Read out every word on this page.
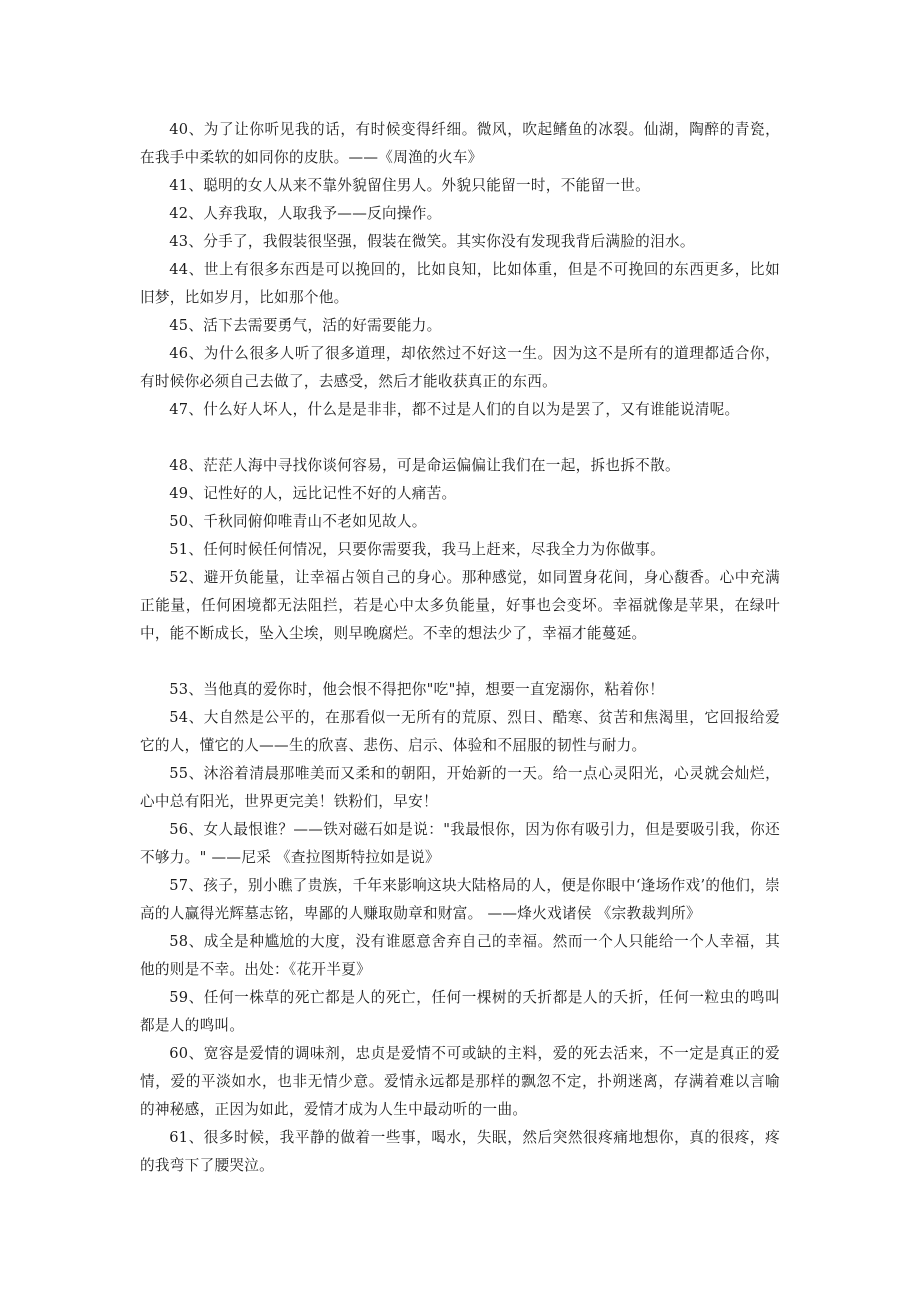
40、为了让你听见我的话，有时候变得纤细。微风，吹起鳍鱼的冰裂。仙湖，陶醉的青瓷，在我手中柔软的如同你的皮肤。——《周渔的火车》

41、聪明的女人从来不靠外貌留住男人。外貌只能留一时，不能留一世。

42、人弃我取，人取我予——反向操作。

43、分手了，我假装很坚强，假装在微笑。其实你没有发现我背后满脸的泪水。

44、世上有很多东西是可以挽回的，比如良知，比如体重，但是不可挽回的东西更多，比如旧梦，比如岁月，比如那个他。

45、活下去需要勇气，活的好需要能力。

46、为什么很多人听了很多道理，却依然过不好这一生。因为这不是所有的道理都适合你，有时候你必须自己去做了，去感受，然后才能收获真正的东西。

47、什么好人坏人，什么是是非非，都不过是人们的自以为是罢了，又有谁能说清呢。

48、茫茫人海中寻找你谈何容易，可是命运偏偏让我们在一起，拆也拆不散。

49、记性好的人，远比记性不好的人痛苦。

50、千秋同俯仰唯青山不老如见故人。

51、任何时候任何情况，只要你需要我，我马上赶来，尽我全力为你做事。

52、避开负能量，让幸福占领自己的身心。那种感觉，如同置身花间，身心馥香。心中充满正能量，任何困境都无法阻拦，若是心中太多负能量，好事也会变坏。幸福就像是苹果，在绿叶中，能不断成长，坠入尘埃，则早晚腐烂。不幸的想法少了，幸福才能蔓延。

53、当他真的爱你时，他会恨不得把你"吃"掉，想要一直宠溺你，粘着你！

54、大自然是公平的，在那看似一无所有的荒原、烈日、酷寒、贫苦和焦渴里，它回报给爱它的人，懂它的人——生的欣喜、悲伤、启示、体验和不屈服的韧性与耐力。

55、沐浴着清晨那唯美而又柔和的朝阳，开始新的一天。给一点心灵阳光，心灵就会灿烂，心中总有阳光，世界更完美！铁粉们，早安！

56、女人最恨谁？——铁对磁石如是说："我最恨你，因为你有吸引力，但是要吸引我，你还不够力。" ——尼采 《查拉图斯特拉如是说》

57、孩子，别小瞧了贵族，千年来影响这块大陆格局的人，便是你眼中‘逢场作戏’的他们，崇高的人赢得光辉墓志铭，卑鄙的人赚取勋章和财富。 ——烽火戏诸侯 《宗教裁判所》

58、成全是种尴尬的大度，没有谁愿意舍弃自己的幸福。然而一个人只能给一个人幸福，其他的则是不幸。出处：《花开半夏》

59、任何一株草的死亡都是人的死亡，任何一棵树的夭折都是人的夭折，任何一粒虫的鸣叫都是人的鸣叫。

60、宽容是爱情的调味剂，忠贞是爱情不可或缺的主料，爱的死去活来，不一定是真正的爱情，爱的平淡如水，也非无情少意。爱情永远都是那样的飘忽不定，扑朔迷离，存满着难以言喻的神秘感，正因为如此，爱情才成为人生中最动听的一曲。

61、很多时候，我平静的做着一些事，喝水，失眠，然后突然很疼痛地想你，真的很疼，疼的我弯下了腰哭泣。
